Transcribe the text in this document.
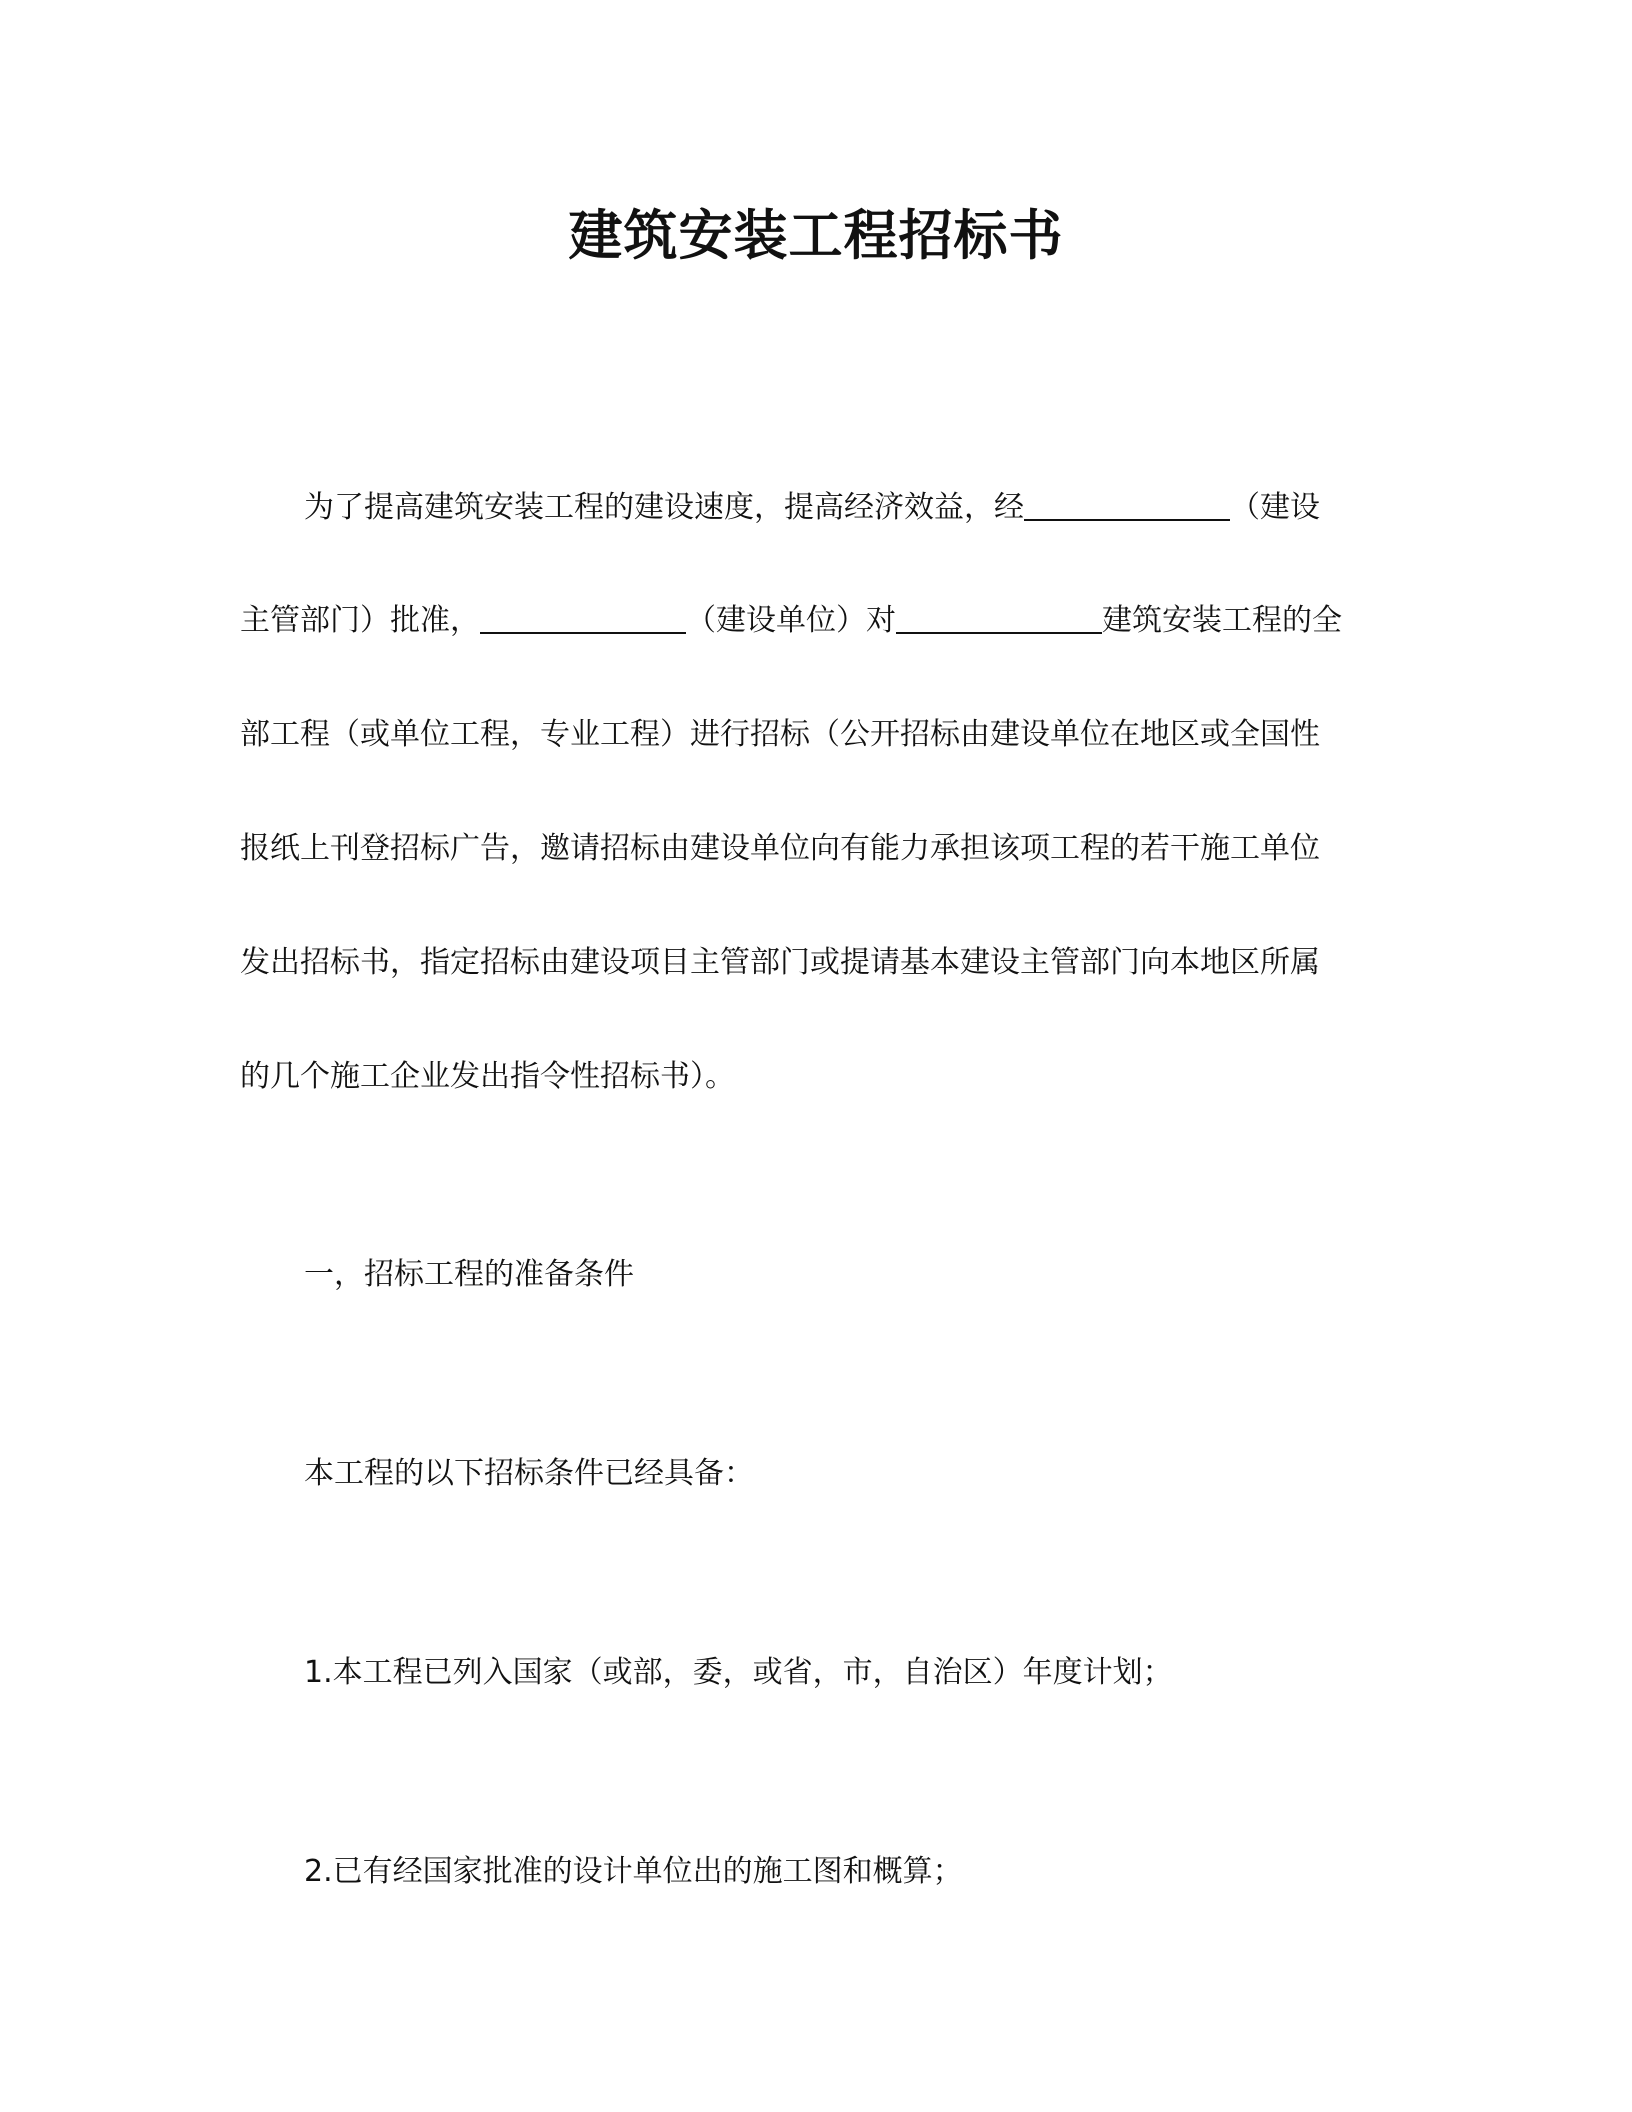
建筑安装工程招标书
为了提高建筑安装工程的建设速度，提高经济效益，经	（建设
主管部门）批准，	（建设单位）对	建筑安装工程的全
部工程（或单位工程，专业工程）进行招标（公开招标由建设单位在地区或全国性
报纸上刊登招标广告，邀请招标由建设单位向有能力承担该项工程的若干施工单位
发出招标书，指定招标由建设项目主管部门或提请基本建设主管部门向本地区所属
的几个施工企业发出指令性招标书）。
一，招标工程的准备条件
本工程的以下招标条件已经具备：
1.本工程已列入国家（或部，委，或省，市，自治区）年度计划；
2.已有经国家批准的设计单位出的施工图和概算；
